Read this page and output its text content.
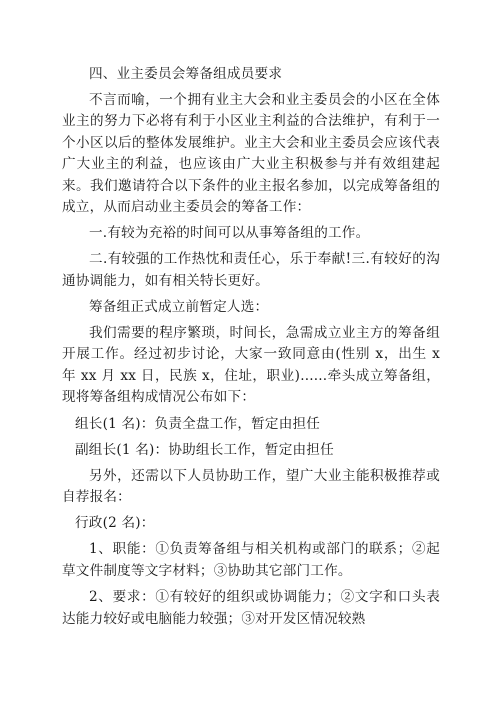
四、业主委员会筹备组成员要求

不言而喻，一个拥有业主大会和业主委员会的小区在全体业主的努力下必将有利于小区业主利益的合法维护，有利于一个小区以后的整体发展维护。业主大会和业主委员会应该代表广大业主的利益，也应该由广大业主积极参与并有效组建起来。我们邀请符合以下条件的业主报名参加，以完成筹备组的成立，从而启动业主委员会的筹备工作：

一.有较为充裕的时间可以从事筹备组的工作。

二.有较强的工作热忱和责任心，乐于奉献!三.有较好的沟通协调能力，如有相关特长更好。

筹备组正式成立前暂定人选：

我们需要的程序繁琐，时间长，急需成立业主方的筹备组开展工作。经过初步讨论，大家一致同意由(性别 x，出生 x 年 xx 月 xx 日，民族 x，住址，职业)......牵头成立筹备组，现将筹备组构成情况公布如下：

组长(1 名)：负责全盘工作，暂定由担任

副组长(1 名)：协助组长工作，暂定由担任

另外，还需以下人员协助工作，望广大业主能积极推荐或自荐报名：

行政(2 名)：

1、职能：①负责筹备组与相关机构或部门的联系；②起草文件制度等文字材料；③协助其它部门工作。

2、要求：①有较好的组织或协调能力；②文字和口头表达能力较好或电脑能力较强；③对开发区情况较熟
